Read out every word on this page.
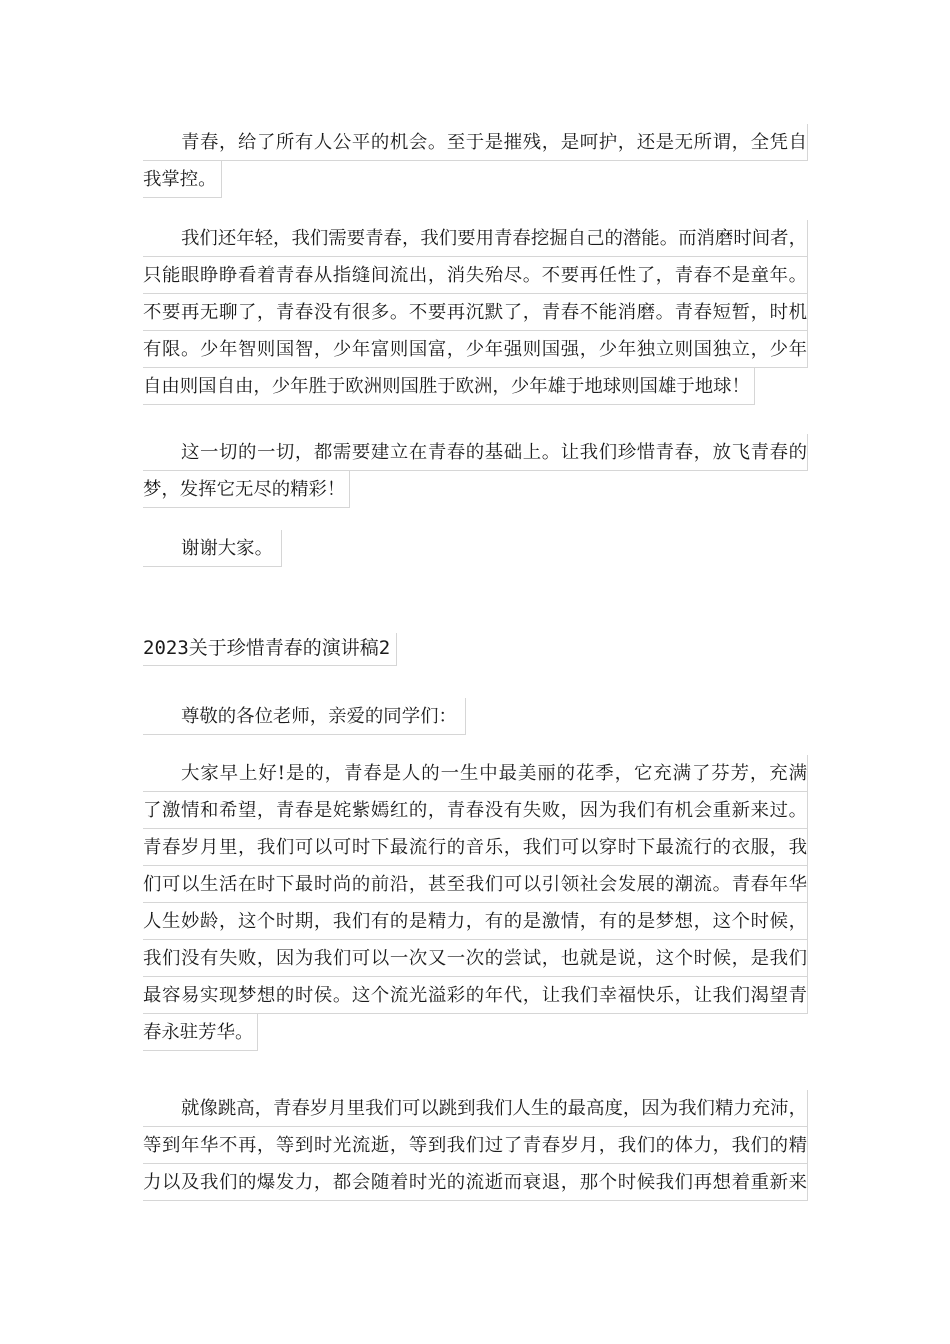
青春，给了所有人公平的机会。至于是摧残，是呵护，还是无所谓，全凭自
我掌控。
我们还年轻，我们需要青春，我们要用青春挖掘自己的潜能。而消磨时间者，
只能眼睁睁看着青春从指缝间流出，消失殆尽。不要再任性了，青春不是童年。
不要再无聊了，青春没有很多。不要再沉默了，青春不能消磨。青春短暂，时机
有限。少年智则国智，少年富则国富，少年强则国强，少年独立则国独立，少年
自由则国自由，少年胜于欧洲则国胜于欧洲，少年雄于地球则国雄于地球！
这一切的一切，都需要建立在青春的基础上。让我们珍惜青春，放飞青春的
梦，发挥它无尽的精彩！
谢谢大家。
2023关于珍惜青春的演讲稿2
尊敬的各位老师，亲爱的同学们：
大家早上好!是的，青春是人的一生中最美丽的花季，它充满了芬芳，充满
了激情和希望，青春是姹紫嫣红的，青春没有失败，因为我们有机会重新来过。
青春岁月里，我们可以可时下最流行的音乐，我们可以穿时下最流行的衣服，我
们可以生活在时下最时尚的前沿，甚至我们可以引领社会发展的潮流。青春年华
人生妙龄，这个时期，我们有的是精力，有的是激情，有的是梦想，这个时候，
我们没有失败，因为我们可以一次又一次的尝试，也就是说，这个时候，是我们
最容易实现梦想的时侯。这个流光溢彩的年代，让我们幸福快乐，让我们渴望青
春永驻芳华。
就像跳高，青春岁月里我们可以跳到我们人生的最高度，因为我们精力充沛，
等到年华不再，等到时光流逝，等到我们过了青春岁月，我们的体力，我们的精
力以及我们的爆发力，都会随着时光的流逝而衰退，那个时候我们再想着重新来
